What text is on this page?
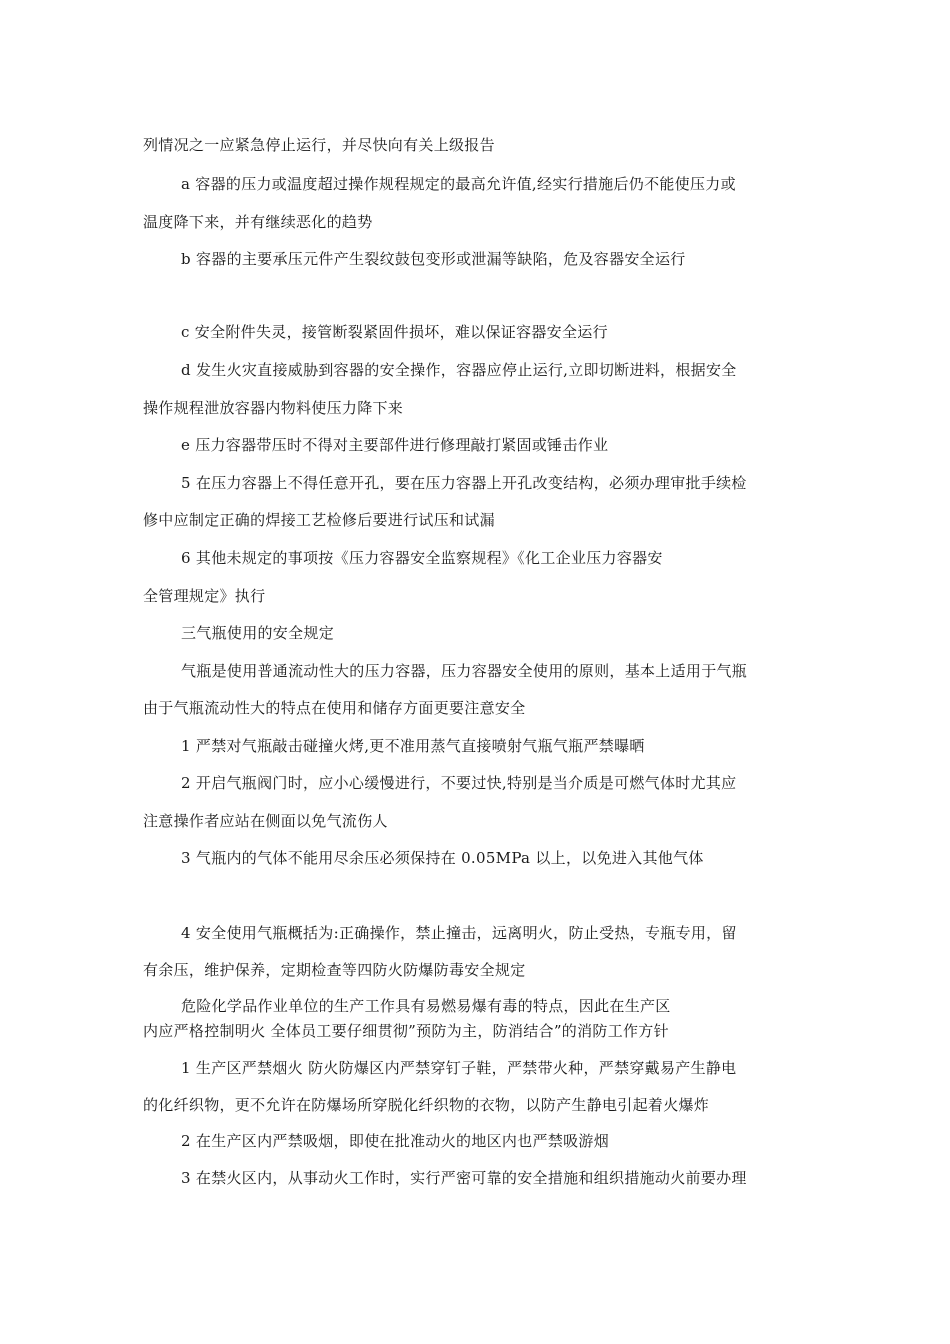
列情况之一应紧急停止运行，并尽快向有关上级报告
a 容器的压力或温度超过操作规程规定的最高允许值,经实行措施后仍不能使压力或
温度降下来，并有继续恶化的趋势
b 容器的主要承压元件产生裂纹鼓包变形或泄漏等缺陷，危及容器安全运行
c 安全附件失灵，接管断裂紧固件损坏，难以保证容器安全运行
d 发生火灾直接威胁到容器的安全操作，容器应停止运行,立即切断进料，根据安全
操作规程泄放容器内物料使压力降下来
e 压力容器带压时不得对主要部件进行修理敲打紧固或锤击作业
5 在压力容器上不得任意开孔，要在压力容器上开孔改变结构，必须办理审批手续检
修中应制定正确的焊接工艺检修后要进行试压和试漏
6 其他未规定的事项按《压力容器安全监察规程》《化工企业压力容器安
全管理规定》执行
三气瓶使用的安全规定
气瓶是使用普通流动性大的压力容器，压力容器安全使用的原则，基本上适用于气瓶
由于气瓶流动性大的特点在使用和储存方面更要注意安全
1 严禁对气瓶敲击碰撞火烤,更不准用蒸气直接喷射气瓶气瓶严禁曝晒
2 开启气瓶阀门时，应小心缓慢进行，不要过快,特别是当介质是可燃气体时尤其应
注意操作者应站在侧面以免气流伤人
3 气瓶内的气体不能用尽余压必须保持在 0.05MPa 以上，以免进入其他气体
4 安全使用气瓶概括为:正确操作，禁止撞击，远离明火，防止受热，专瓶专用，留
有余压，维护保养，定期检查等四防火防爆防毒安全规定
危险化学品作业单位的生产工作具有易燃易爆有毒的特点，因此在生产区
内应严格控制明火 全体员工要仔细贯彻”预防为主，防消结合”的消防工作方针
1 生产区严禁烟火 防火防爆区内严禁穿钉子鞋，严禁带火种，严禁穿戴易产生静电
的化纤织物，更不允许在防爆场所穿脱化纤织物的衣物，以防产生静电引起着火爆炸
2 在生产区内严禁吸烟，即使在批准动火的地区内也严禁吸游烟
3 在禁火区内，从事动火工作时，实行严密可靠的安全措施和组织措施动火前要办理
